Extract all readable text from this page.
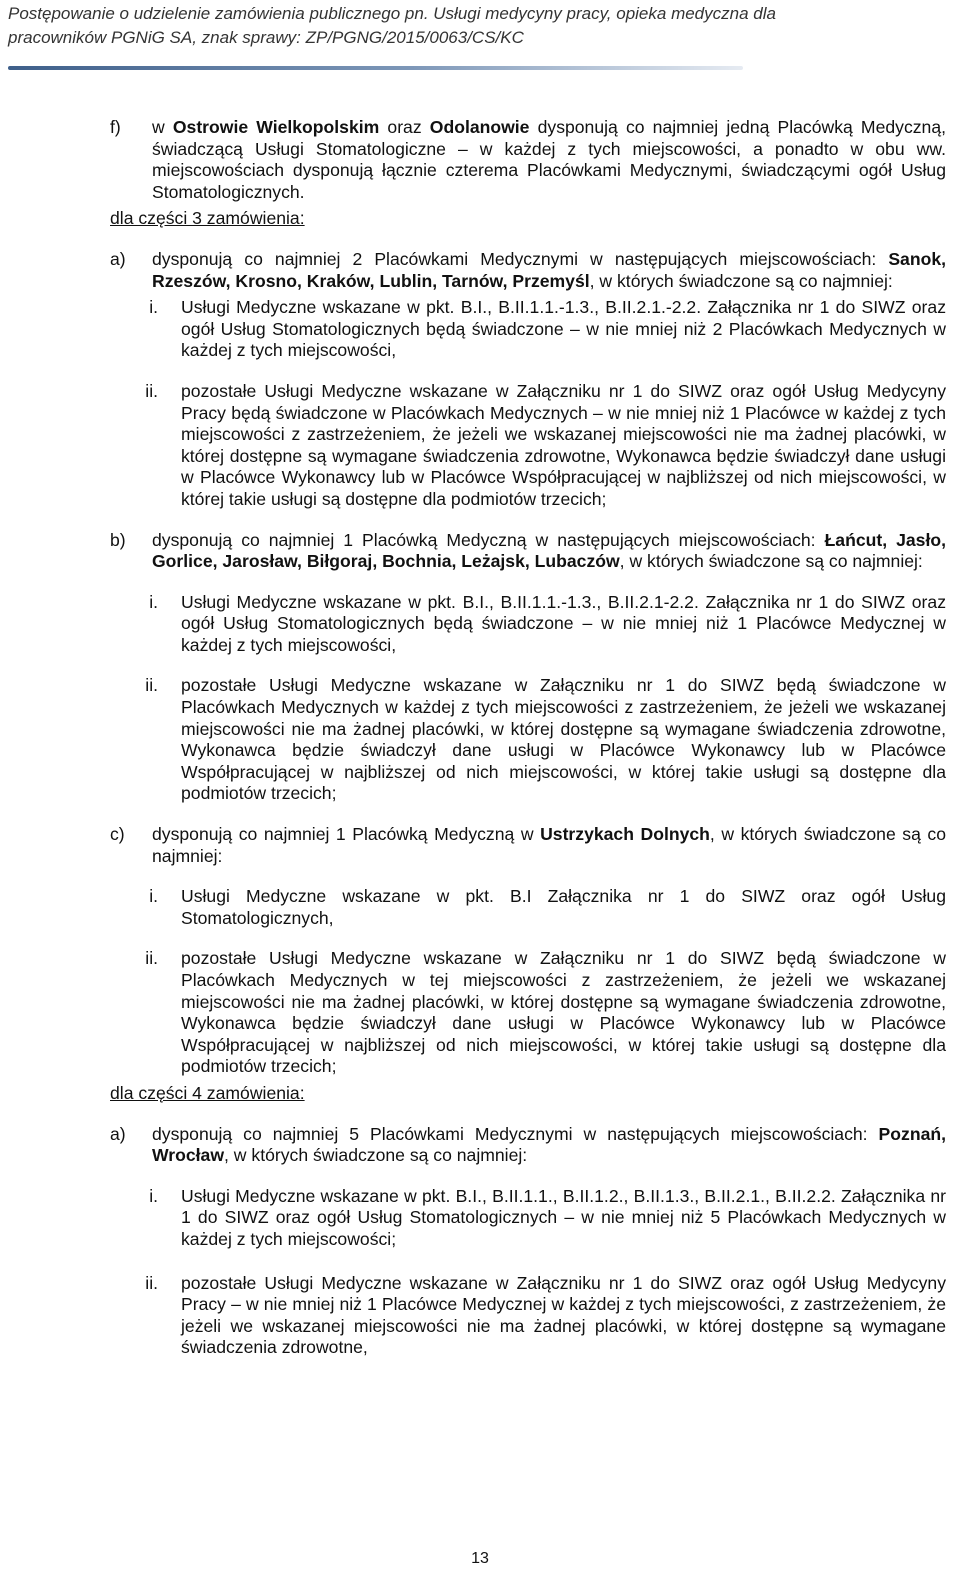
Postępowanie o udzielenie zamówienia publicznego pn. Usługi medycyny pracy, opieka medyczna dla
pracowników PGNiG SA, znak sprawy: ZP/PGNG/2015/0063/CS/KC
f) w Ostrowie Wielkopolskim oraz Odolanowie dysponują co najmniej jedną Placówką Medyczną, świadczącą Usługi Stomatologiczne – w każdej z tych miejscowości, a ponadto w obu ww. miejscowościach dysponują łącznie czterema Placówkami Medycznymi, świadczącymi ogół Usług Stomatologicznych.

dla części 3 zamówienia:

a) dysponują co najmniej 2 Placówkami Medycznymi w następujących miejscowościach: Sanok, Rzeszów, Krosno, Kraków, Lublin, Tarnów, Przemyśl, w których świadczone są co najmniej:

i. Usługi Medyczne wskazane w pkt. B.I., B.II.1.1.-1.3., B.II.2.1.-2.2. Załącznika nr 1 do SIWZ oraz ogół Usług Stomatologicznych będą świadczone – w nie mniej niż 2 Placówkach Medycznych w każdej z tych miejscowości,

ii. pozostałe Usługi Medyczne wskazane w Załączniku nr 1 do SIWZ oraz ogół Usług Medycyny Pracy będą świadczone w Placówkach Medycznych – w nie mniej niż 1 Placówce w każdej z tych miejscowości z zastrzeżeniem, że jeżeli we wskazanej miejscowości nie ma żadnej placówki, w której dostępne są wymagane świadczenia zdrowotne, Wykonawca będzie świadczył dane usługi w Placówce Wykonawcy lub w Placówce Współpracującej w najbliższej od nich miejscowości, w której takie usługi są dostępne dla podmiotów trzecich;

b) dysponują co najmniej 1 Placówką Medyczną w następujących miejscowościach: Łańcut, Jasło, Gorlice, Jarosław, Biłgoraj, Bochnia, Leżajsk, Lubaczów, w których świadczone są co najmniej:

i. Usługi Medyczne wskazane w pkt. B.I., B.II.1.1.-1.3., B.II.2.1-2.2. Załącznika nr 1 do SIWZ oraz ogół Usług Stomatologicznych będą świadczone – w nie mniej niż 1 Placówce Medycznej w każdej z tych miejscowości,

ii. pozostałe Usługi Medyczne wskazane w Załączniku nr 1 do SIWZ będą świadczone w Placówkach Medycznych w każdej z tych miejscowości z zastrzeżeniem, że jeżeli we wskazanej miejscowości nie ma żadnej placówki, w której dostępne są wymagane świadczenia zdrowotne, Wykonawca będzie świadczył dane usługi w Placówce Wykonawcy lub w Placówce Współpracującej w najbliższej od nich miejscowości, w której takie usługi są dostępne dla podmiotów trzecich;

c) dysponują co najmniej 1 Placówką Medyczną w Ustrzykach Dolnych, w których świadczone są co najmniej:

i. Usługi Medyczne wskazane w pkt. B.I Załącznika nr 1 do SIWZ oraz ogół Usług Stomatologicznych,

ii. pozostałe Usługi Medyczne wskazane w Załączniku nr 1 do SIWZ będą świadczone w Placówkach Medycznych w tej miejscowości z zastrzeżeniem, że jeżeli we wskazanej miejscowości nie ma żadnej placówki, w której dostępne są wymagane świadczenia zdrowotne, Wykonawca będzie świadczył dane usługi w Placówce Wykonawcy lub w Placówce Współpracującej w najbliższej od nich miejscowości, w której takie usługi są dostępne dla podmiotów trzecich;

dla części 4 zamówienia:

a) dysponują co najmniej 5 Placówkami Medycznymi w następujących miejscowościach: Poznań, Wrocław, w których świadczone są co najmniej:

i. Usługi Medyczne wskazane w pkt. B.I., B.II.1.1., B.II.1.2., B.II.1.3., B.II.2.1., B.II.2.2. Załącznika nr 1 do SIWZ oraz ogół Usług Stomatologicznych – w nie mniej niż 5 Placówkach Medycznych w każdej z tych miejscowości;

ii. pozostałe Usługi Medyczne wskazane w Załączniku nr 1 do SIWZ oraz ogół Usług Medycyny Pracy – w nie mniej niż 1 Placówce Medycznej w każdej z tych miejscowości, z zastrzeżeniem, że jeżeli we wskazanej miejscowości nie ma żadnej placówki, w której dostępne są wymagane świadczenia zdrowotne,

13
